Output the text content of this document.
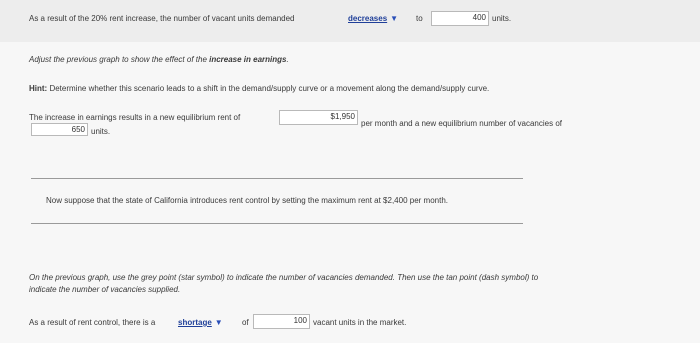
As a result of the 20% rent increase, the number of vacant units demanded	decreases ▼ to	400 units.
Adjust the previous graph to show the effect of the increase in earnings.
Hint: Determine whether this scenario leads to a shift in the demand/supply curve or a movement along the demand/supply curve.
The increase in earnings results in a new equilibrium rent of	$1,950
per month and a new equilibrium number of vacancies of
650 units.
Now suppose that the state of California introduces rent control by setting the maximum rent at $2,400 per month.
On the previous graph, use the grey point (star symbol) to indicate the number of vacancies demanded. Then use the tan point (dash symbol) to
indicate the number of vacancies supplied.
As a result of rent control, there is a	shortage ▼ of	100 vacant units in the market.
